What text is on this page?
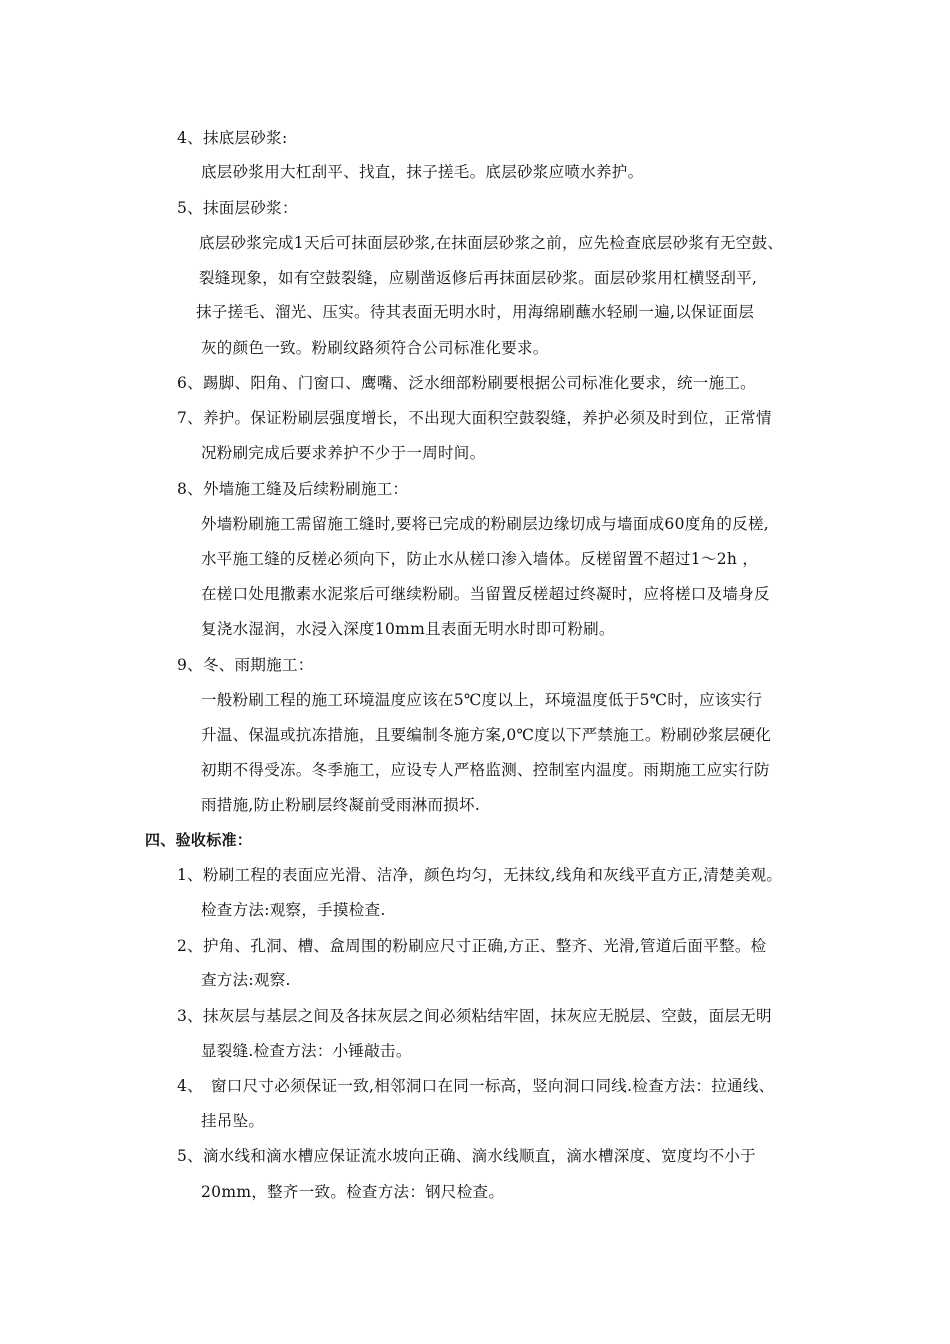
4、抹底层砂浆:
底层砂浆用大杠刮平、找直，抹子搓毛。底层砂浆应喷水养护。
5、抹面层砂浆：
底层砂浆完成1天后可抹面层砂浆,在抹面层砂浆之前，应先检查底层砂浆有无空鼓、
裂缝现象，如有空鼓裂缝，应剔凿返修后再抹面层砂浆。面层砂浆用杠横竖刮平,
抹子搓毛、溜光、压实。待其表面无明水时，用海绵刷蘸水轻刷一遍,以保证面层
灰的颜色一致。粉刷纹路须符合公司标准化要求。
6、踢脚、阳角、门窗口、鹰嘴、泛水细部粉刷要根据公司标准化要求，统一施工。
7、养护。保证粉刷层强度增长，不出现大面积空鼓裂缝，养护必须及时到位，正常情
况粉刷完成后要求养护不少于一周时间。
8、外墙施工缝及后续粉刷施工：
外墙粉刷施工需留施工缝时,要将已完成的粉刷层边缘切成与墙面成60度角的反槎,
水平施工缝的反槎必须向下，防止水从槎口渗入墙体。反槎留置不超过1～2h ，
在槎口处甩撒素水泥浆后可继续粉刷。当留置反槎超过终凝时，应将槎口及墙身反
复浇水湿润，水浸入深度10mm且表面无明水时即可粉刷。
9、冬、雨期施工：
一般粉刷工程的施工环境温度应该在5℃度以上，环境温度低于5℃时，应该实行
升温、保温或抗冻措施，且要编制冬施方案,0℃度以下严禁施工。粉刷砂浆层硬化
初期不得受冻。冬季施工，应设专人严格监测、控制室内温度。雨期施工应实行防
雨措施,防止粉刷层终凝前受雨淋而损坏.
四、验收标准：
1、粉刷工程的表面应光滑、洁净，颜色均匀，无抹纹,线角和灰线平直方正,清楚美观。
检查方法:观察，手摸检查.
2、护角、孔洞、槽、盒周围的粉刷应尺寸正确,方正、整齐、光滑,管道后面平整。检
查方法:观察.
3、抹灰层与基层之间及各抹灰层之间必须粘结牢固，抹灰应无脱层、空鼓，面层无明
显裂缝.检查方法：小锤敲击。
4、　窗口尺寸必须保证一致,相邻洞口在同一标高，竖向洞口同线.检查方法：拉通线、
挂吊坠。
5、滴水线和滴水槽应保证流水坡向正确、滴水线顺直，滴水槽深度、宽度均不小于
20mm，整齐一致。检查方法：钢尺检查。
